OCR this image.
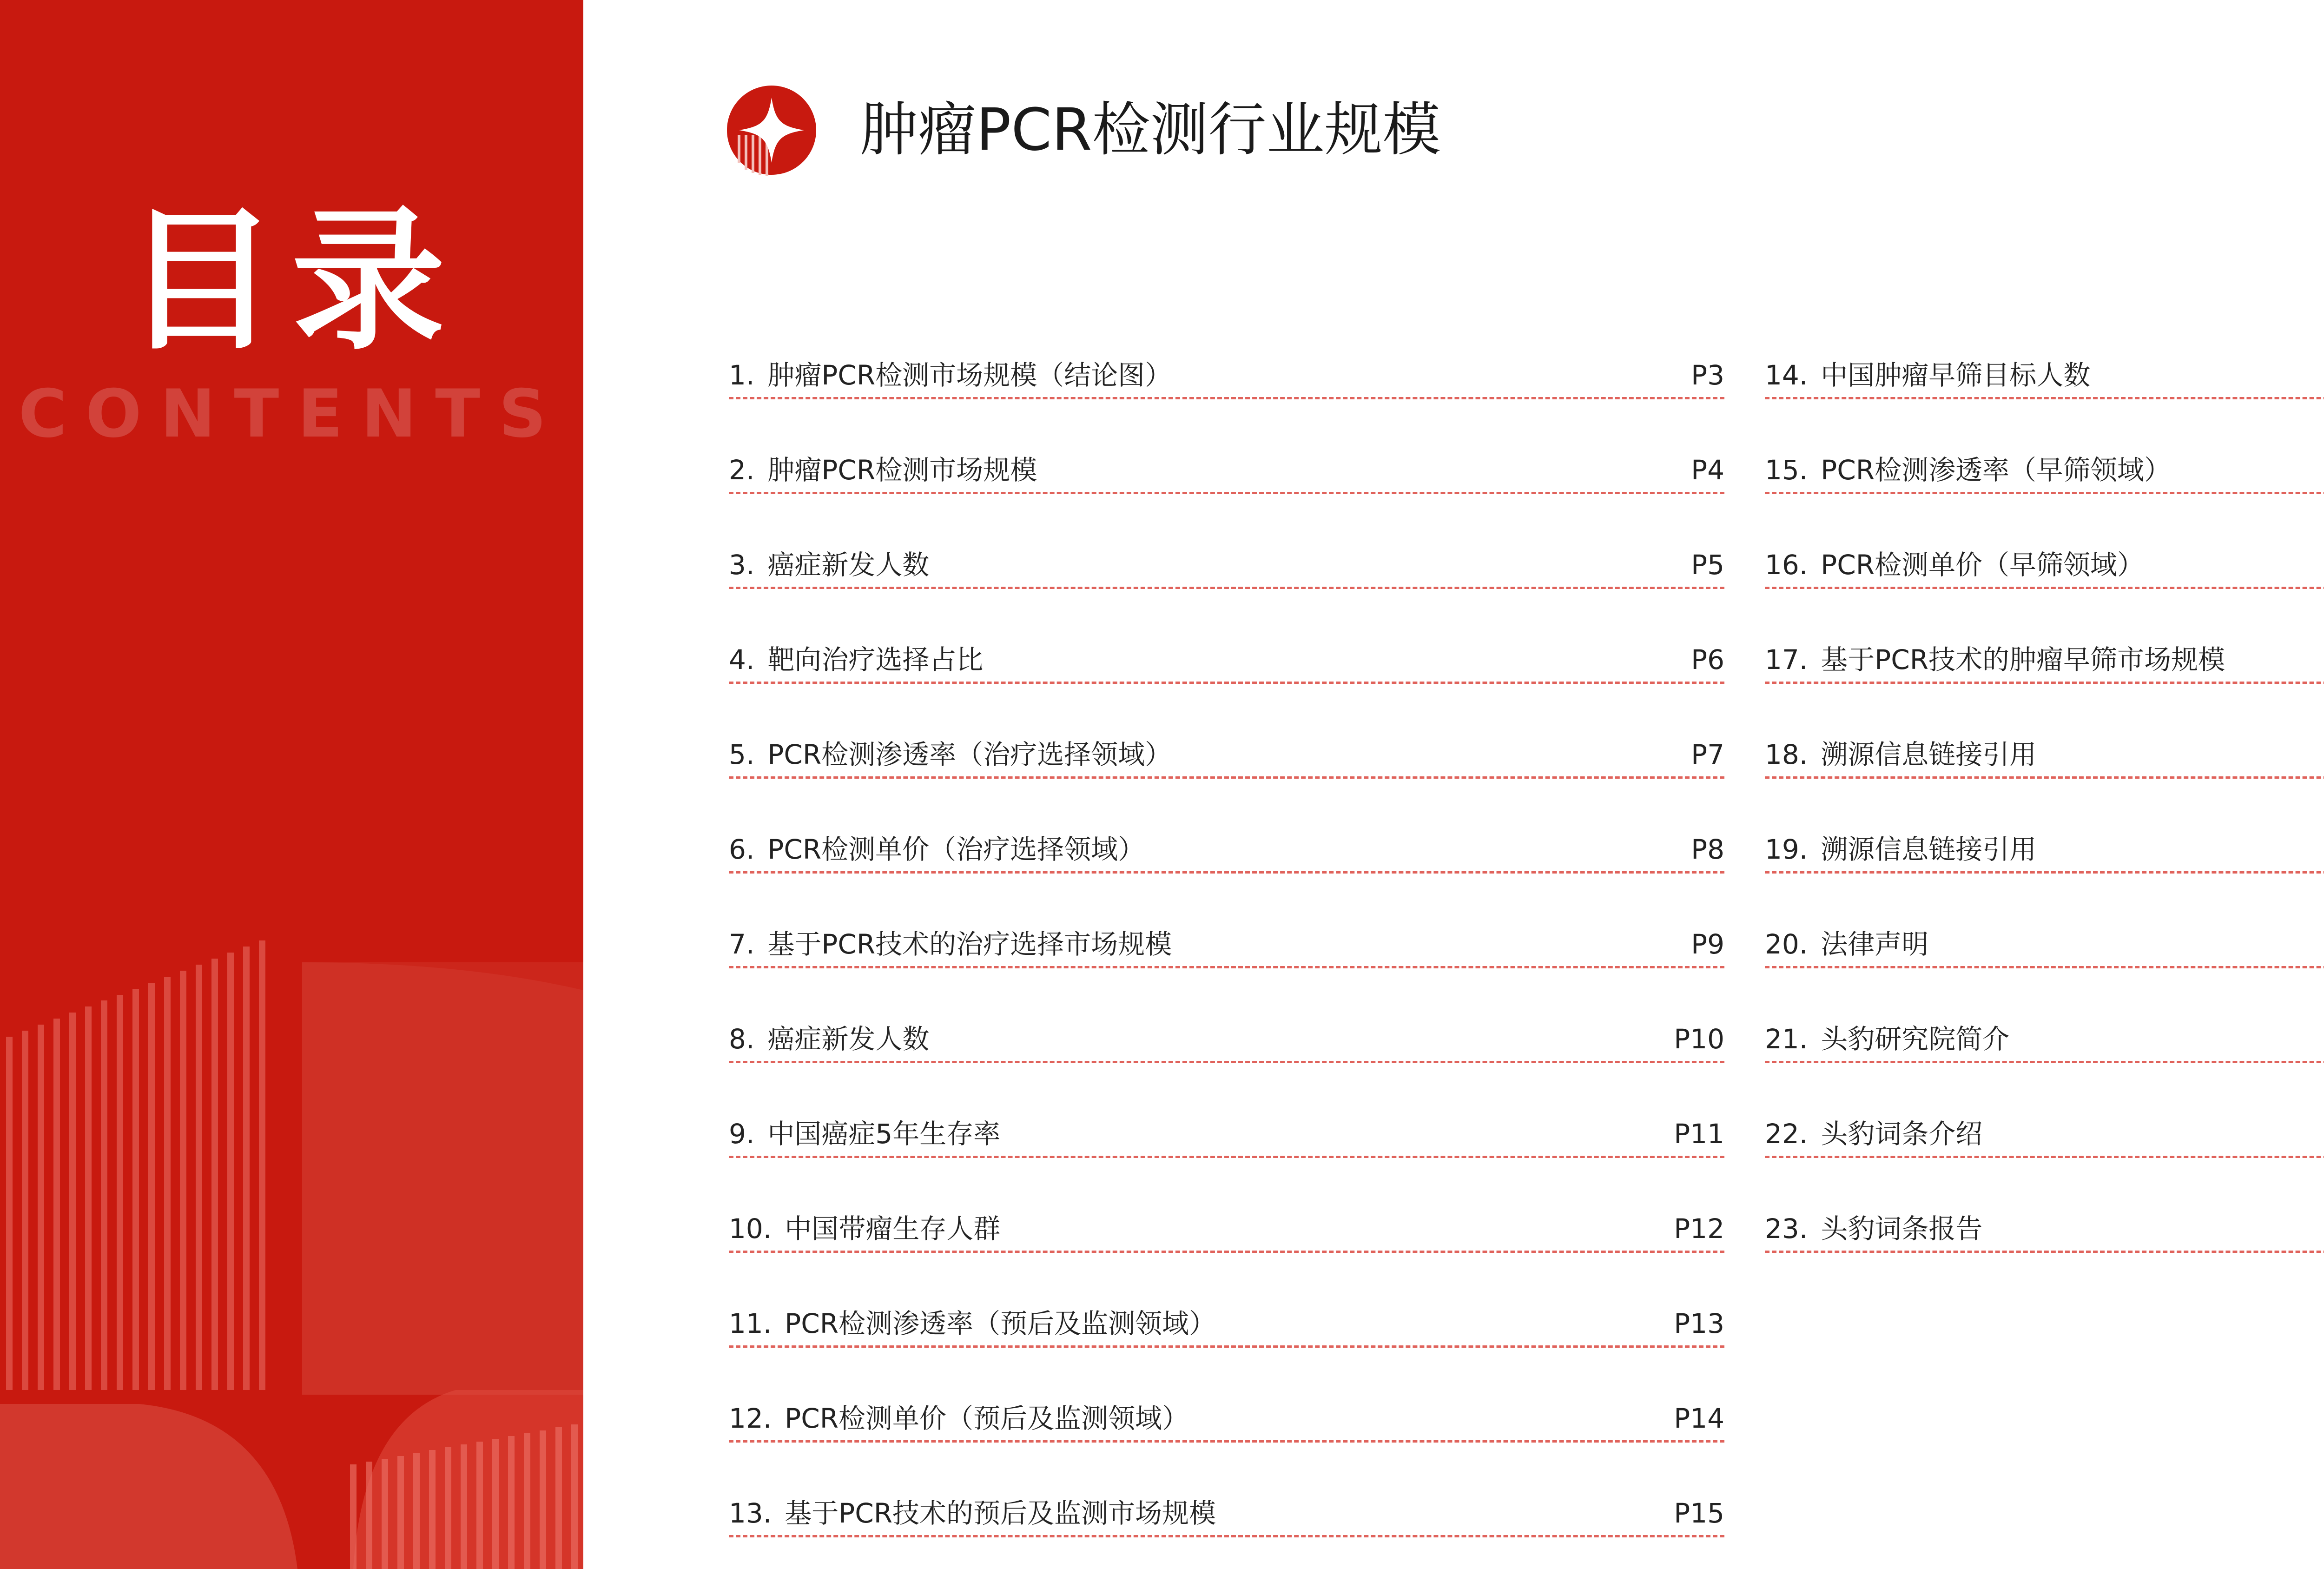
目录
CONTENTS
肿瘤PCR检测行业规模
1. 肿瘤PCR检测市场规模（结论图）	P3
2. 肿瘤PCR检测市场规模	P4
3. 癌症新发人数	P5
4. 靶向治疗选择占比	P6
5. PCR检测渗透率（治疗选择领域）	P7
6. PCR检测单价（治疗选择领域）	P8
7. 基于PCR技术的治疗选择市场规模	P9
8. 癌症新发人数	P10
9. 中国癌症5年生存率	P11
10. 中国带瘤生存人群	P12
11. PCR检测渗透率（预后及监测领域）	P13
12. PCR检测单价（预后及监测领域）	P14
13. 基于PCR技术的预后及监测市场规模	P15
14. 中国肿瘤早筛目标人数
15. PCR检测渗透率（早筛领域）
16. PCR检测单价（早筛领域）
17. 基于PCR技术的肿瘤早筛市场规模
18. 溯源信息链接引用
19. 溯源信息链接引用
20. 法律声明
21. 头豹研究院简介
22. 头豹词条介绍
23. 头豹词条报告
